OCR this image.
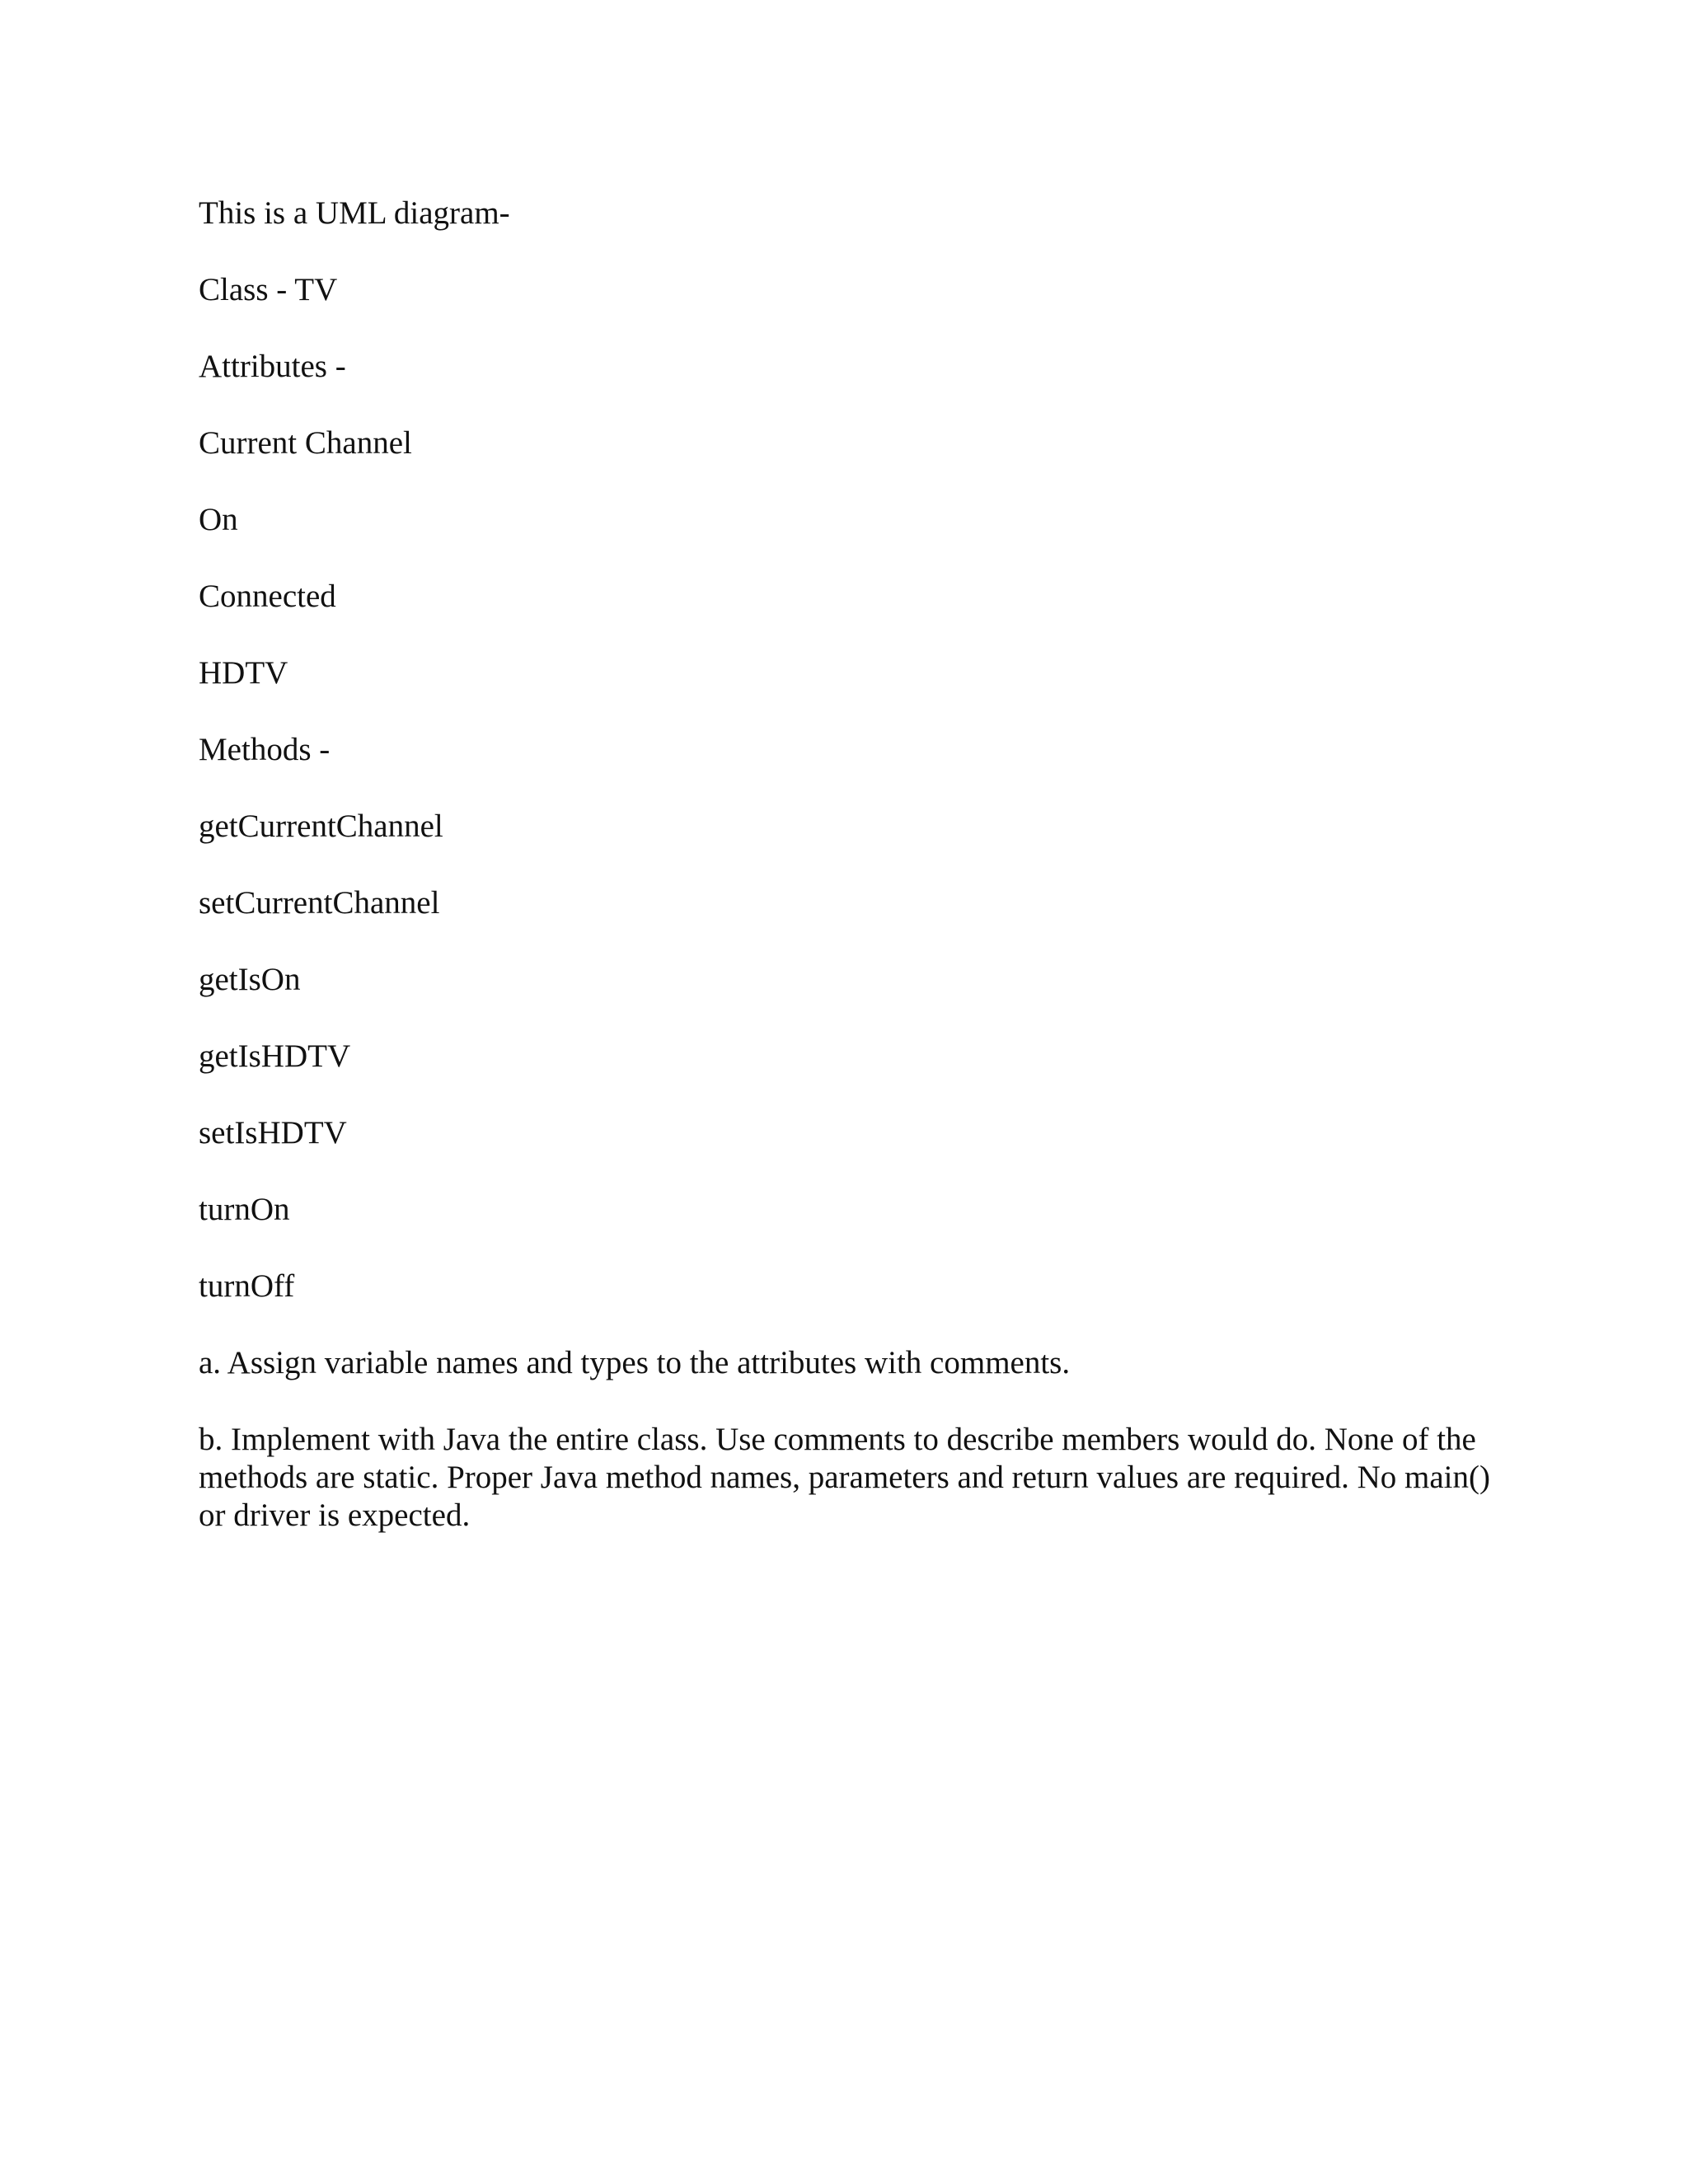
This is a UML diagram-

Class - TV

Attributes -

Current Channel

On

Connected

HDTV

Methods -

getCurrentChannel

setCurrentChannel

getIsOn

getIsHDTV

setIsHDTV

turnOn

turnOff

a. Assign variable names and types to the attributes with comments.

b. Implement with Java the entire class. Use comments to describe members would do. None of the methods are static. Proper Java method names, parameters and return values are required. No main() or driver is expected.
